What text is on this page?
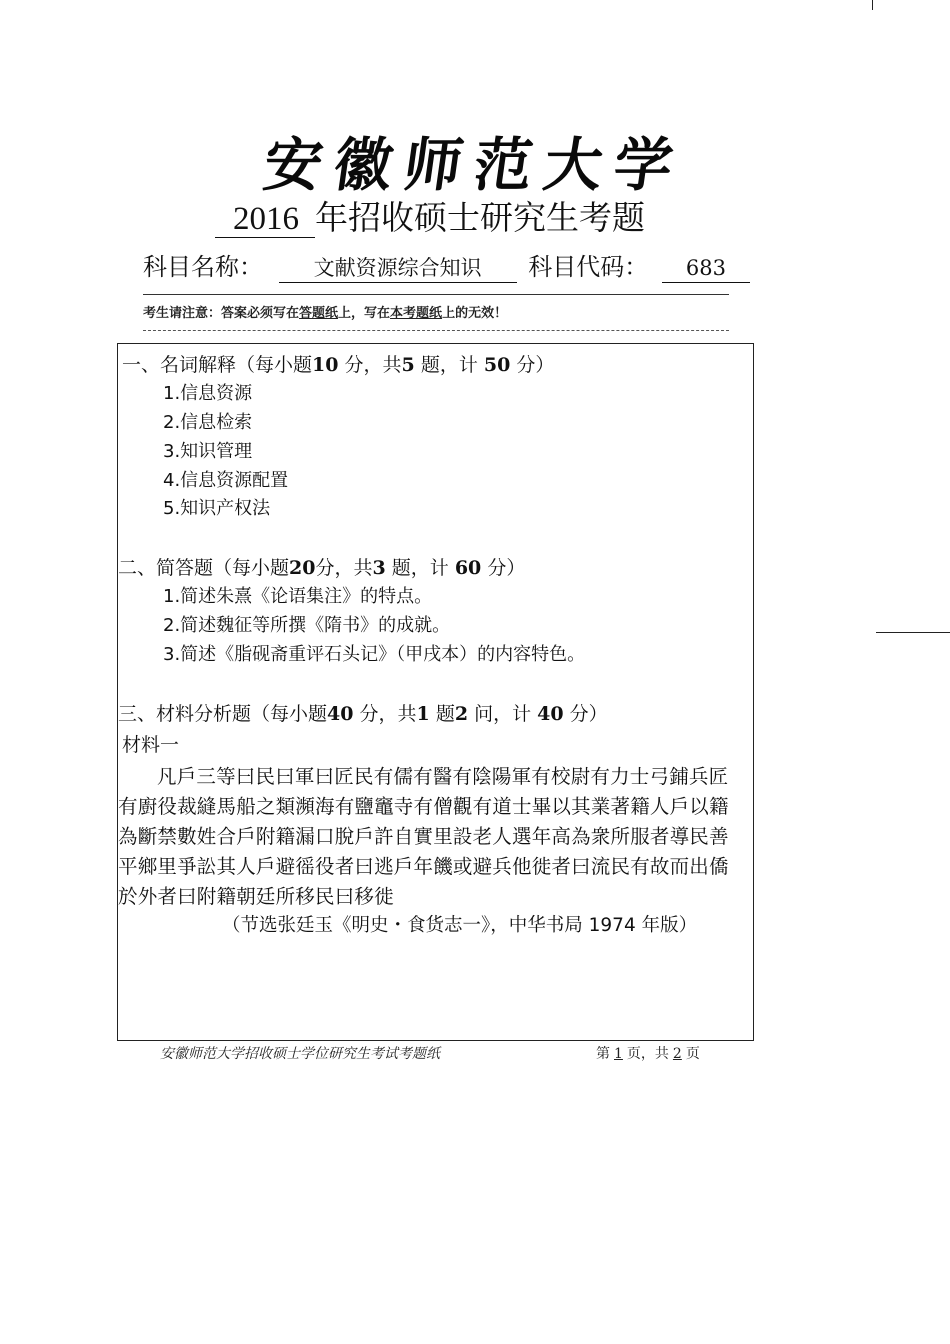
安徽师范大学
2016 年招收硕士研究生考题
科目名称： 文献资源综合知识 科目代码： 683
考生请注意：答案必须写在答题纸上，写在本考题纸上的无效！
一、名词解释（每小题10 分，共5 题，计 50 分）
1.信息资源
2.信息检索
3.知识管理
4.信息资源配置
5.知识产权法
二、简答题（每小题20分，共3 题，计 60 分）
1.简述朱熹《论语集注》的特点。
2.简述魏征等所撰《隋书》的成就。
3.简述《脂砚斋重评石头记》（甲戌本）的内容特色。
三、材料分析题（每小题40 分，共1 题2 问，计 40 分）
材料一
凡戶三等曰民曰軍曰匠民有儒有醫有陰陽軍有校尉有力士弓鋪兵匠
有廚役裁縫馬船之類瀕海有鹽竈寺有僧觀有道士畢以其業著籍人戶以籍
為斷禁數姓合戶附籍漏口脫戶許自實里設老人選年高為衆所服者導民善
平鄉里爭訟其人戶避徭役者曰逃戶年饑或避兵他徙者曰流民有故而出僑
於外者曰附籍朝廷所移民曰移徙
（节选张廷玉《明史・食货志一》，中华书局 1974 年版）
安徽师范大学招收硕士学位研究生考试考题纸	第 1 页，共 2 页
